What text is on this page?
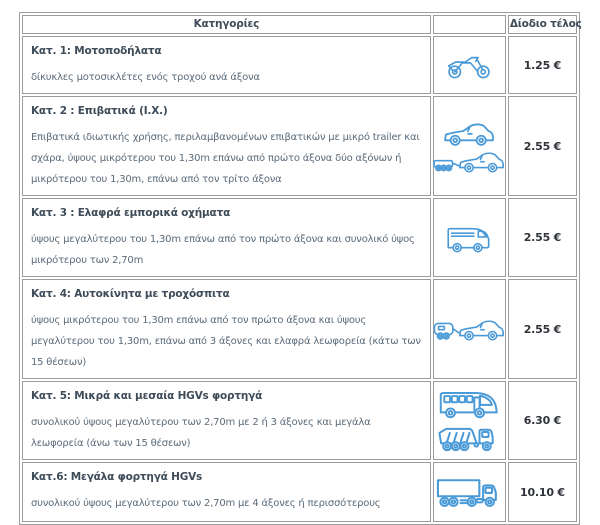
Κατηγορίες		Δίοδιο τέλος

Κατ. 1: Μοτοποδήλατα

δίκυκλες μοτοσικλέτες ενός τροχού ανά άξονα		1.25 €

Κατ. 2 : Επιβατικά (Ι.Χ.)

Επιβατικά ιδιωτικής χρήσης, περιλαμβανομένων επιβατικών με μικρό trailer και σχάρα, ύψους μικρότερου του 1,30m επάνω από πρώτο άξονα δύο αξόνων ή μικρότερου του 1,30m, επάνω από τον τρίτο άξονα		2.55 €

Κατ. 3 : Ελαφρά εμπορικά οχήματα

ύψους μεγαλύτερου του 1,30m επάνω από τον πρώτο άξονα και συνολικό ύψος μικρότερου των 2,70m		2.55 €

Κατ. 4: Αυτοκίνητα με τροχόσπιτα

ύψους μικρότερου του 1,30m επάνω από τον πρώτο άξονα και ύψους μεγαλύτερου του 1,30m, επάνω από 3 άξονες και ελαφρά λεωφορεία (κάτω των 15 θέσεων)		2.55 €

Κατ. 5: Μικρά και μεσαία HGVs φορτηγά

συνολικού ύψους μεγαλύτερου των 2,70m με 2 ή 3 άξονες και μεγάλα λεωφορεία (άνω των 15 θέσεων)		6.30 €

Κατ.6: Μεγάλα φορτηγά HGVs

συνολικού ύψους μεγαλύτερου των 2,70m με 4 άξονες ή περισσότερους		10.10 €
